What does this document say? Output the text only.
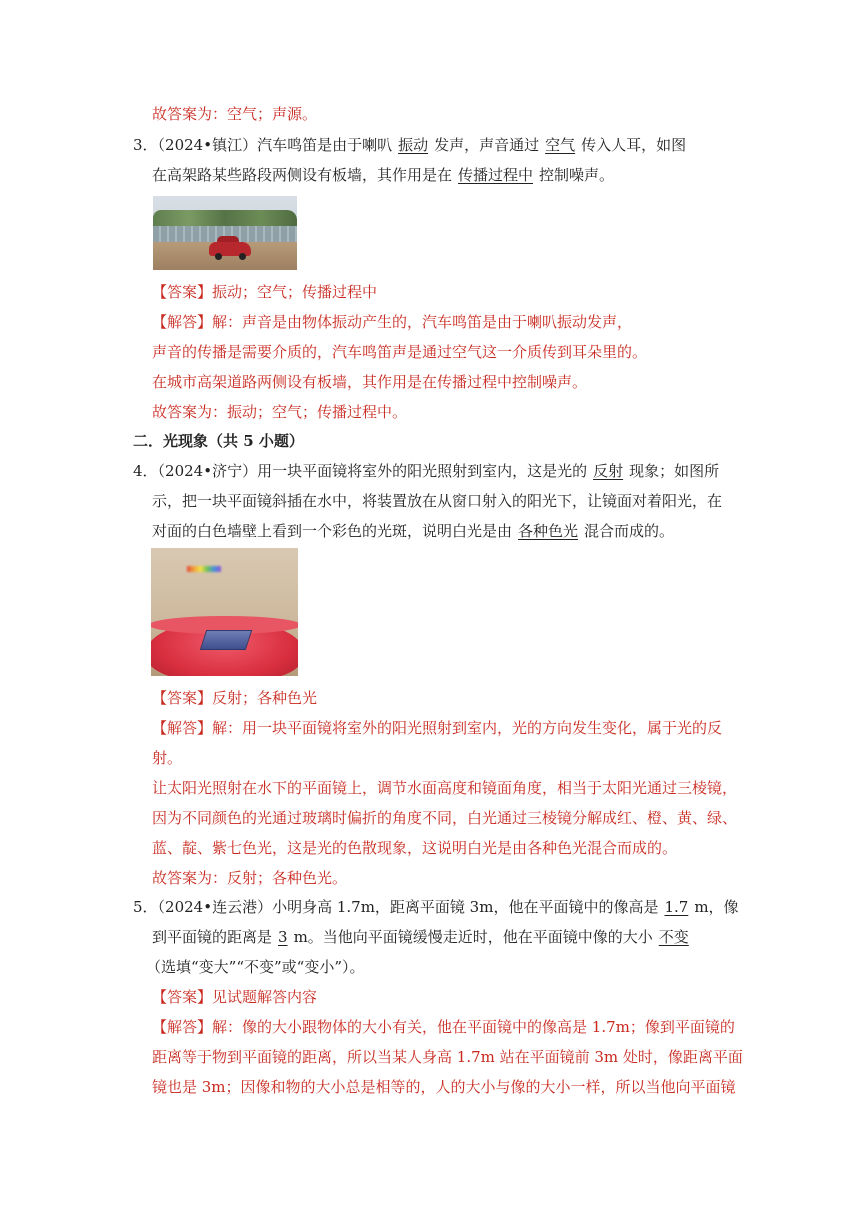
故答案为：空气；声源。
3．（2024•镇江）汽车鸣笛是由于喇叭 振动 发声，声音通过 空气 传入人耳，如图
在高架路某些路段两侧设有板墙，其作用是在 传播过程中 控制噪声。
【答案】振动；空气；传播过程中
【解答】解：声音是由物体振动产生的，汽车鸣笛是由于喇叭振动发声，
声音的传播是需要介质的，汽车鸣笛声是通过空气这一介质传到耳朵里的。
在城市高架道路两侧设有板墙，其作用是在传播过程中控制噪声。
故答案为：振动；空气；传播过程中。
二．光现象（共 5 小题）
4．（2024•济宁）用一块平面镜将室外的阳光照射到室内，这是光的 反射 现象；如图所
示，把一块平面镜斜插在水中，将装置放在从窗口射入的阳光下，让镜面对着阳光，在
对面的白色墙壁上看到一个彩色的光斑，说明白光是由 各种色光 混合而成的。
【答案】反射；各种色光
【解答】解：用一块平面镜将室外的阳光照射到室内，光的方向发生变化，属于光的反
射。
让太阳光照射在水下的平面镜上，调节水面高度和镜面角度，相当于太阳光通过三棱镜，
因为不同颜色的光通过玻璃时偏折的角度不同，白光通过三棱镜分解成红、橙、黄、绿、
蓝、靛、紫七色光，这是光的色散现象，这说明白光是由各种色光混合而成的。
故答案为：反射；各种色光。
5．（2024•连云港）小明身高 1.7m，距离平面镜 3m，他在平面镜中的像高是 1.7 m，像
到平面镜的距离是 3 m。当他向平面镜缓慢走近时，他在平面镜中像的大小 不变
（选填“变大”“不变”或“变小”）。
【答案】见试题解答内容
【解答】解：像的大小跟物体的大小有关，他在平面镜中的像高是 1.7m；像到平面镜的
距离等于物到平面镜的距离，所以当某人身高 1.7m 站在平面镜前 3m 处时，像距离平面
镜也是 3m；因像和物的大小总是相等的，人的大小与像的大小一样，所以当他向平面镜
